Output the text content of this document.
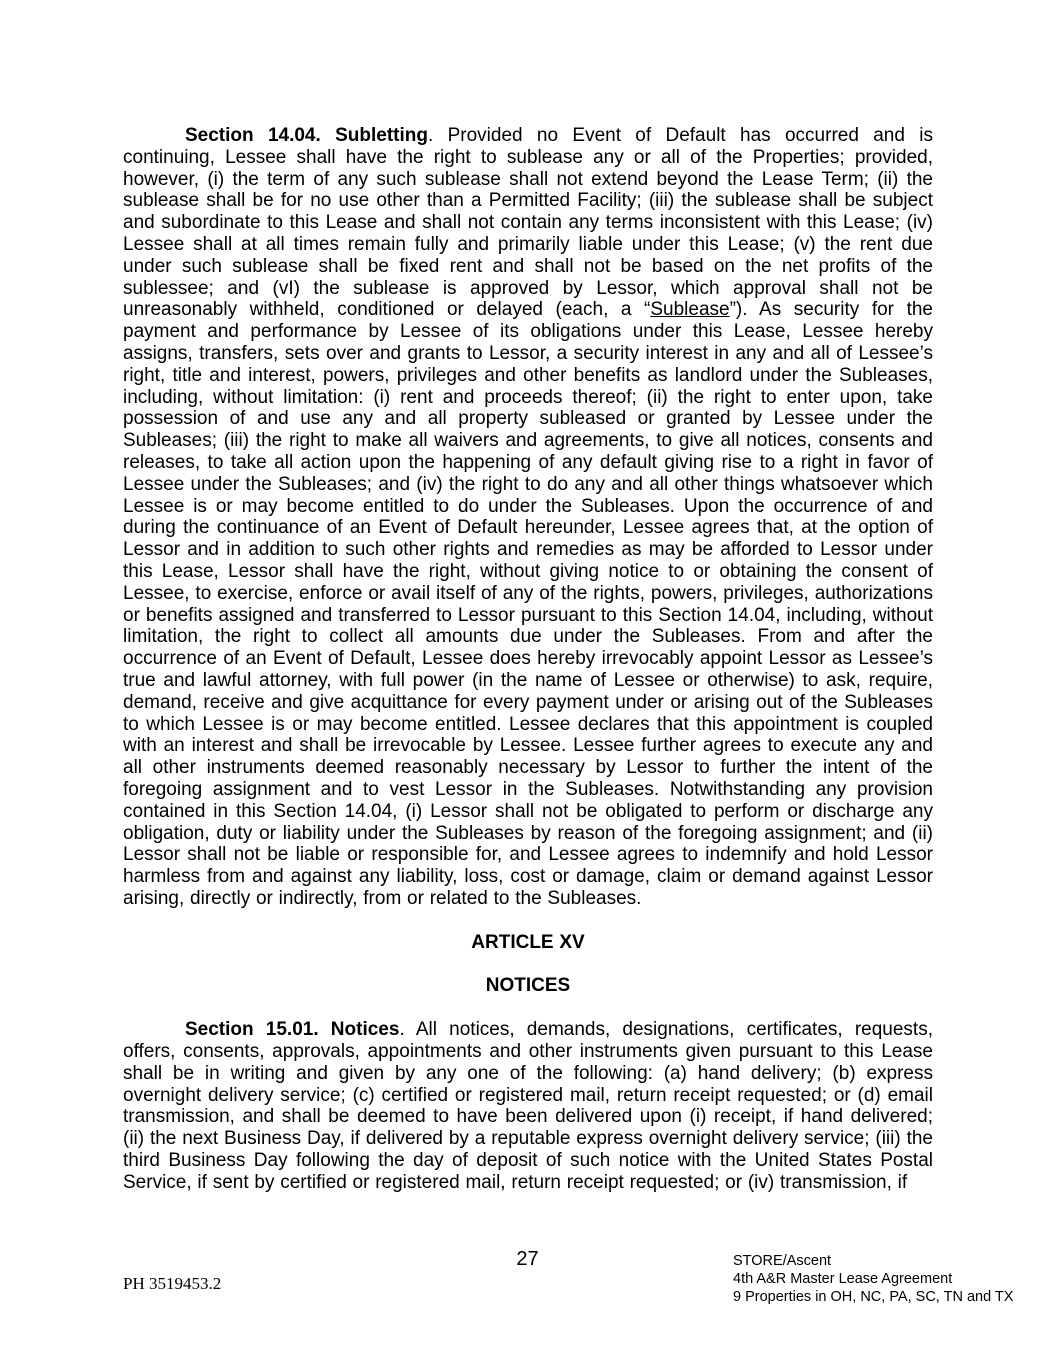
Section 14.04. Subletting. Provided no Event of Default has occurred and is continuing, Lessee shall have the right to sublease any or all of the Properties; provided, however, (i) the term of any such sublease shall not extend beyond the Lease Term; (ii) the sublease shall be for no use other than a Permitted Facility; (iii) the sublease shall be subject and subordinate to this Lease and shall not contain any terms inconsistent with this Lease; (iv) Lessee shall at all times remain fully and primarily liable under this Lease; (v) the rent due under such sublease shall be fixed rent and shall not be based on the net profits of the sublessee; and (vI) the sublease is approved by Lessor, which approval shall not be unreasonably withheld, conditioned or delayed (each, a “Sublease”). As security for the payment and performance by Lessee of its obligations under this Lease, Lessee hereby assigns, transfers, sets over and grants to Lessor, a security interest in any and all of Lessee’s right, title and interest, powers, privileges and other benefits as landlord under the Subleases, including, without limitation: (i) rent and proceeds thereof; (ii) the right to enter upon, take possession of and use any and all property subleased or granted by Lessee under the Subleases; (iii) the right to make all waivers and agreements, to give all notices, consents and releases, to take all action upon the happening of any default giving rise to a right in favor of Lessee under the Subleases; and (iv) the right to do any and all other things whatsoever which Lessee is or may become entitled to do under the Subleases. Upon the occurrence of and during the continuance of an Event of Default hereunder, Lessee agrees that, at the option of Lessor and in addition to such other rights and remedies as may be afforded to Lessor under this Lease, Lessor shall have the right, without giving notice to or obtaining the consent of Lessee, to exercise, enforce or avail itself of any of the rights, powers, privileges, authorizations or benefits assigned and transferred to Lessor pursuant to this Section 14.04, including, without limitation, the right to collect all amounts due under the Subleases. From and after the occurrence of an Event of Default, Lessee does hereby irrevocably appoint Lessor as Lessee’s true and lawful attorney, with full power (in the name of Lessee or otherwise) to ask, require, demand, receive and give acquittance for every payment under or arising out of the Subleases to which Lessee is or may become entitled. Lessee declares that this appointment is coupled with an interest and shall be irrevocable by Lessee. Lessee further agrees to execute any and all other instruments deemed reasonably necessary by Lessor to further the intent of the foregoing assignment and to vest Lessor in the Subleases. Notwithstanding any provision contained in this Section 14.04, (i) Lessor shall not be obligated to perform or discharge any obligation, duty or liability under the Subleases by reason of the foregoing assignment; and (ii) Lessor shall not be liable or responsible for, and Lessee agrees to indemnify and hold Lessor harmless from and against any liability, loss, cost or damage, claim or demand against Lessor arising, directly or indirectly, from or related to the Subleases.

ARTICLE XV

NOTICES

Section 15.01. Notices. All notices, demands, designations, certificates, requests, offers, consents, approvals, appointments and other instruments given pursuant to this Lease shall be in writing and given by any one of the following: (a) hand delivery; (b) express overnight delivery service; (c) certified or registered mail, return receipt requested; or (d) email transmission, and shall be deemed to have been delivered upon (i) receipt, if hand delivered; (ii) the next Business Day, if delivered by a reputable express overnight delivery service; (iii) the third Business Day following the day of deposit of such notice with the United States Postal Service, if sent by certified or registered mail, return receipt requested; or (iv) transmission, if

PH 3519453.2
27	STORE/Ascent
4th A&R Master Lease Agreement
9 Properties in OH, NC, PA, SC, TN and TX
